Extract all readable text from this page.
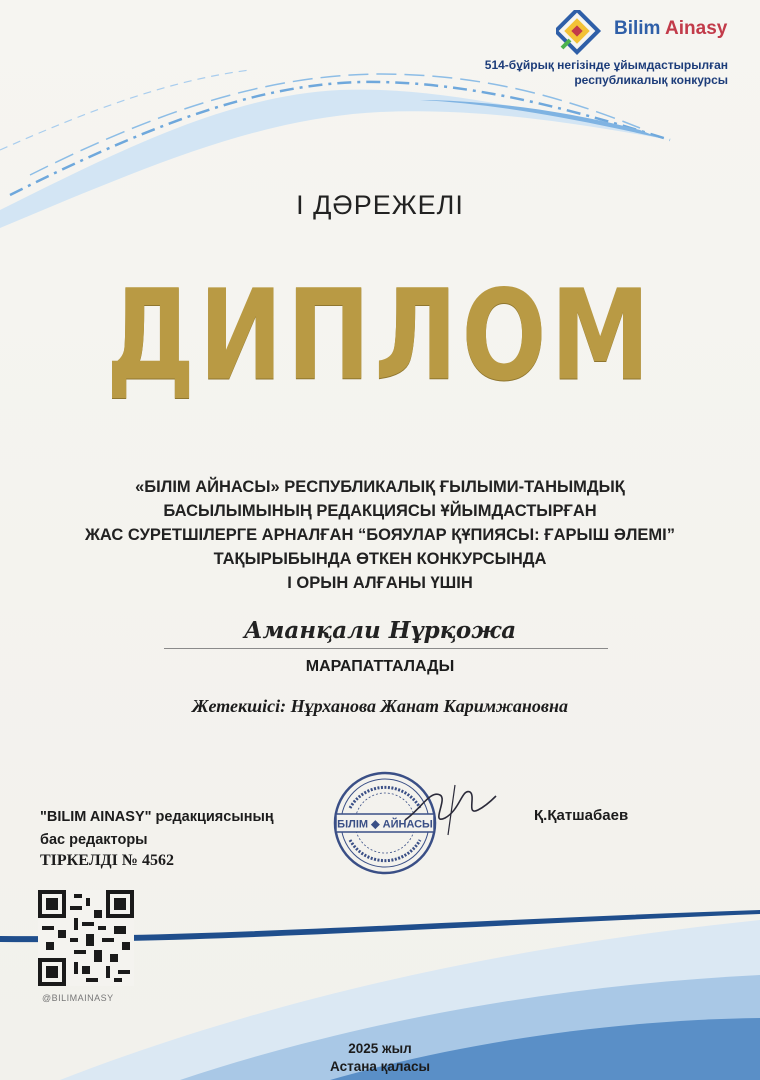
Bilim Ainasy
514-бұйрық негізінде ұйымдастырылған
республикалық конкурсы
I ДӘРЕЖЕЛІ
ДИПЛОМ
«БІЛІМ АЙНАСЫ» РЕСПУБЛИКАЛЫҚ ҒЫЛЫМИ-ТАНЫМДЫҚ
БАСЫЛЫМЫНЫҢ РЕДАКЦИЯСЫ ҰЙЫМДАСТЫРҒАН
ЖАС СУРЕТШІЛЕРГЕ АРНАЛҒАН “БОЯУЛАР ҚҰПИЯСЫ: ҒАРЫШ ӘЛЕМІ”
ТАҚЫРЫБЫНДА ӨТКЕН КОНКУРСЫНДА
I ОРЫН АЛҒАНЫ ҮШІН
Аманқали Нұрқожа
МАРАПАТТАЛАДЫ
Жетекшісі: Нұрханова Жанат Каримжановна
"BILIM AINASY" редакциясының
бас редакторы
ТІРКЕЛДІ № 4562
БІЛІМ ◆ АЙНАСЫ
Қ.Қатшабаев
@BILIMAINASY
2025 жыл
Астана қаласы
